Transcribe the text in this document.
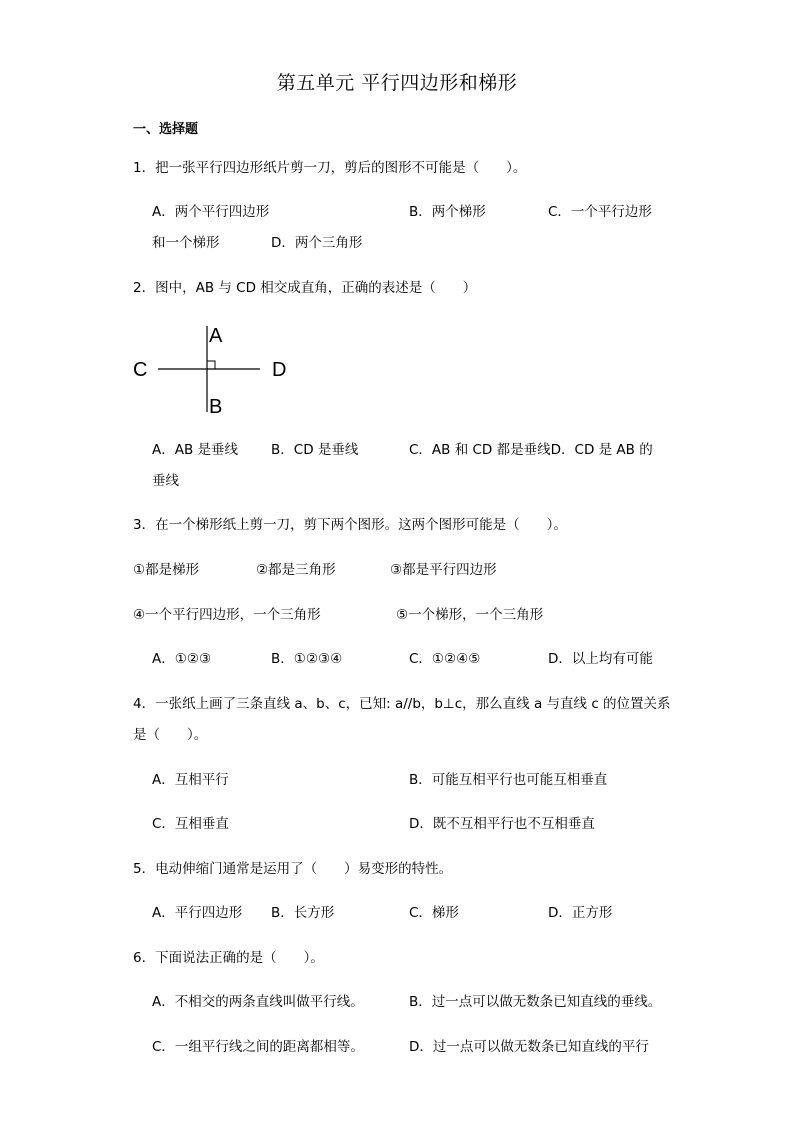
第五单元 平行四边形和梯形
一、选择题
1．把一张平行四边形纸片剪一刀，剪后的图形不可能是（　　）。
A．两个平行四边形	B．两个梯形	C．一个平行边形
和一个梯形	D．两个三角形
2．图中，AB 与 CD 相交成直角，正确的表述是（　　）
A
B
C	D
A．AB 是垂线 B．CD 是垂线	C．AB 和 CD 都是垂线D．CD 是 AB 的
垂线
3．在一个梯形纸上剪一刀，剪下两个图形。这两个图形可能是（　　）。
①都是梯形	②都是三角形	③都是平行四边形
④一个平行四边形，一个三角形	⑤一个梯形，一个三角形
A．①②③	B．①②③④	C．①②④⑤	D．以上均有可能
4．一张纸上画了三条直线 a、b、c，已知: a//b，b⊥c，那么直线 a 与直线 c 的位置关系
是（　　）。
A．互相平行	B．可能互相平行也可能互相垂直
C．互相垂直	D．既不互相平行也不互相垂直
5．电动伸缩门通常是运用了（　　）易变形的特性。
A．平行四边形 B．长方形	C．梯形	D．正方形
6．下面说法正确的是（　　）。
A．不相交的两条直线叫做平行线。	B．过一点可以做无数条已知直线的垂线。
C．一组平行线之间的距离都相等。	D．过一点可以做无数条已知直线的平行
